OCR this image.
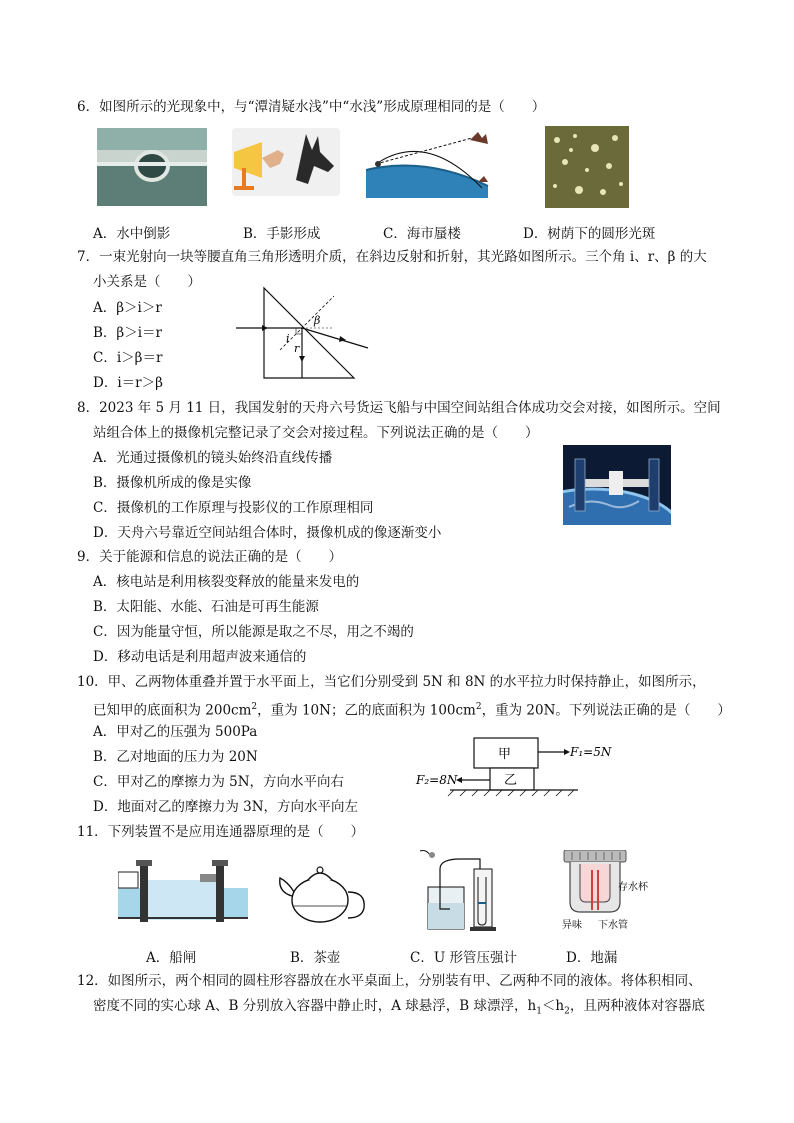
6．如图所示的光现象中，与“潭清疑水浅”中“水浅”形成原理相同的是（　　）
A．水中倒影	B．手影形成	C．海市蜃楼	D．树荫下的圆形光斑
7．一束光射向一块等腰直角三角形透明介质，在斜边反射和折射，其光路如图所示。三个角 i、r、β 的大
小关系是（　　）
A．β＞i＞r
B．β＞i＝r
C．i＞β＝r
D．i＝r＞β
β
i
r
8．2023 年 5 月 11 日，我国发射的天舟六号货运飞船与中国空间站组合体成功交会对接，如图所示。空间
站组合体上的摄像机完整记录了交会对接过程。下列说法正确的是（　　）
A．光通过摄像机的镜头始终沿直线传播
B．摄像机所成的像是实像
C．摄像机的工作原理与投影仪的工作原理相同
D．天舟六号靠近空间站组合体时，摄像机成的像逐渐变小
9．关于能源和信息的说法正确的是（　　）
A．核电站是利用核裂变释放的能量来发电的
B．太阳能、水能、石油是可再生能源
C．因为能量守恒，所以能源是取之不尽，用之不竭的
D．移动电话是利用超声波来通信的
10．甲、乙两物体重叠并置于水平面上，当它们分别受到 5N 和 8N 的水平拉力时保持静止，如图所示，
已知甲的底面积为 $200cm^2$，重为 10N；乙的底面积为 $100cm^2$，重为 20N。下列说法正确的是（　　）
A．甲对乙的压强为 500Pa
B．乙对地面的压力为 20N
C．甲对乙的摩擦力为 5N，方向水平向右
D．地面对乙的摩擦力为 3N，方向水平向左
甲
乙
F₁=5N
F₂=8N
11．下列装置不是应用连通器原理的是（　　）
存水杯
异味 下水管
A．船闸	B．茶壶	C．U 形管压强计	D．地漏
12．如图所示，两个相同的圆柱形容器放在水平桌面上，分别装有甲、乙两种不同的液体。将体积相同、
密度不同的实心球 A、B 分别放入容器中静止时，A 球悬浮，B 球漂浮，$h_1<h_2$，且两种液体对容器底
